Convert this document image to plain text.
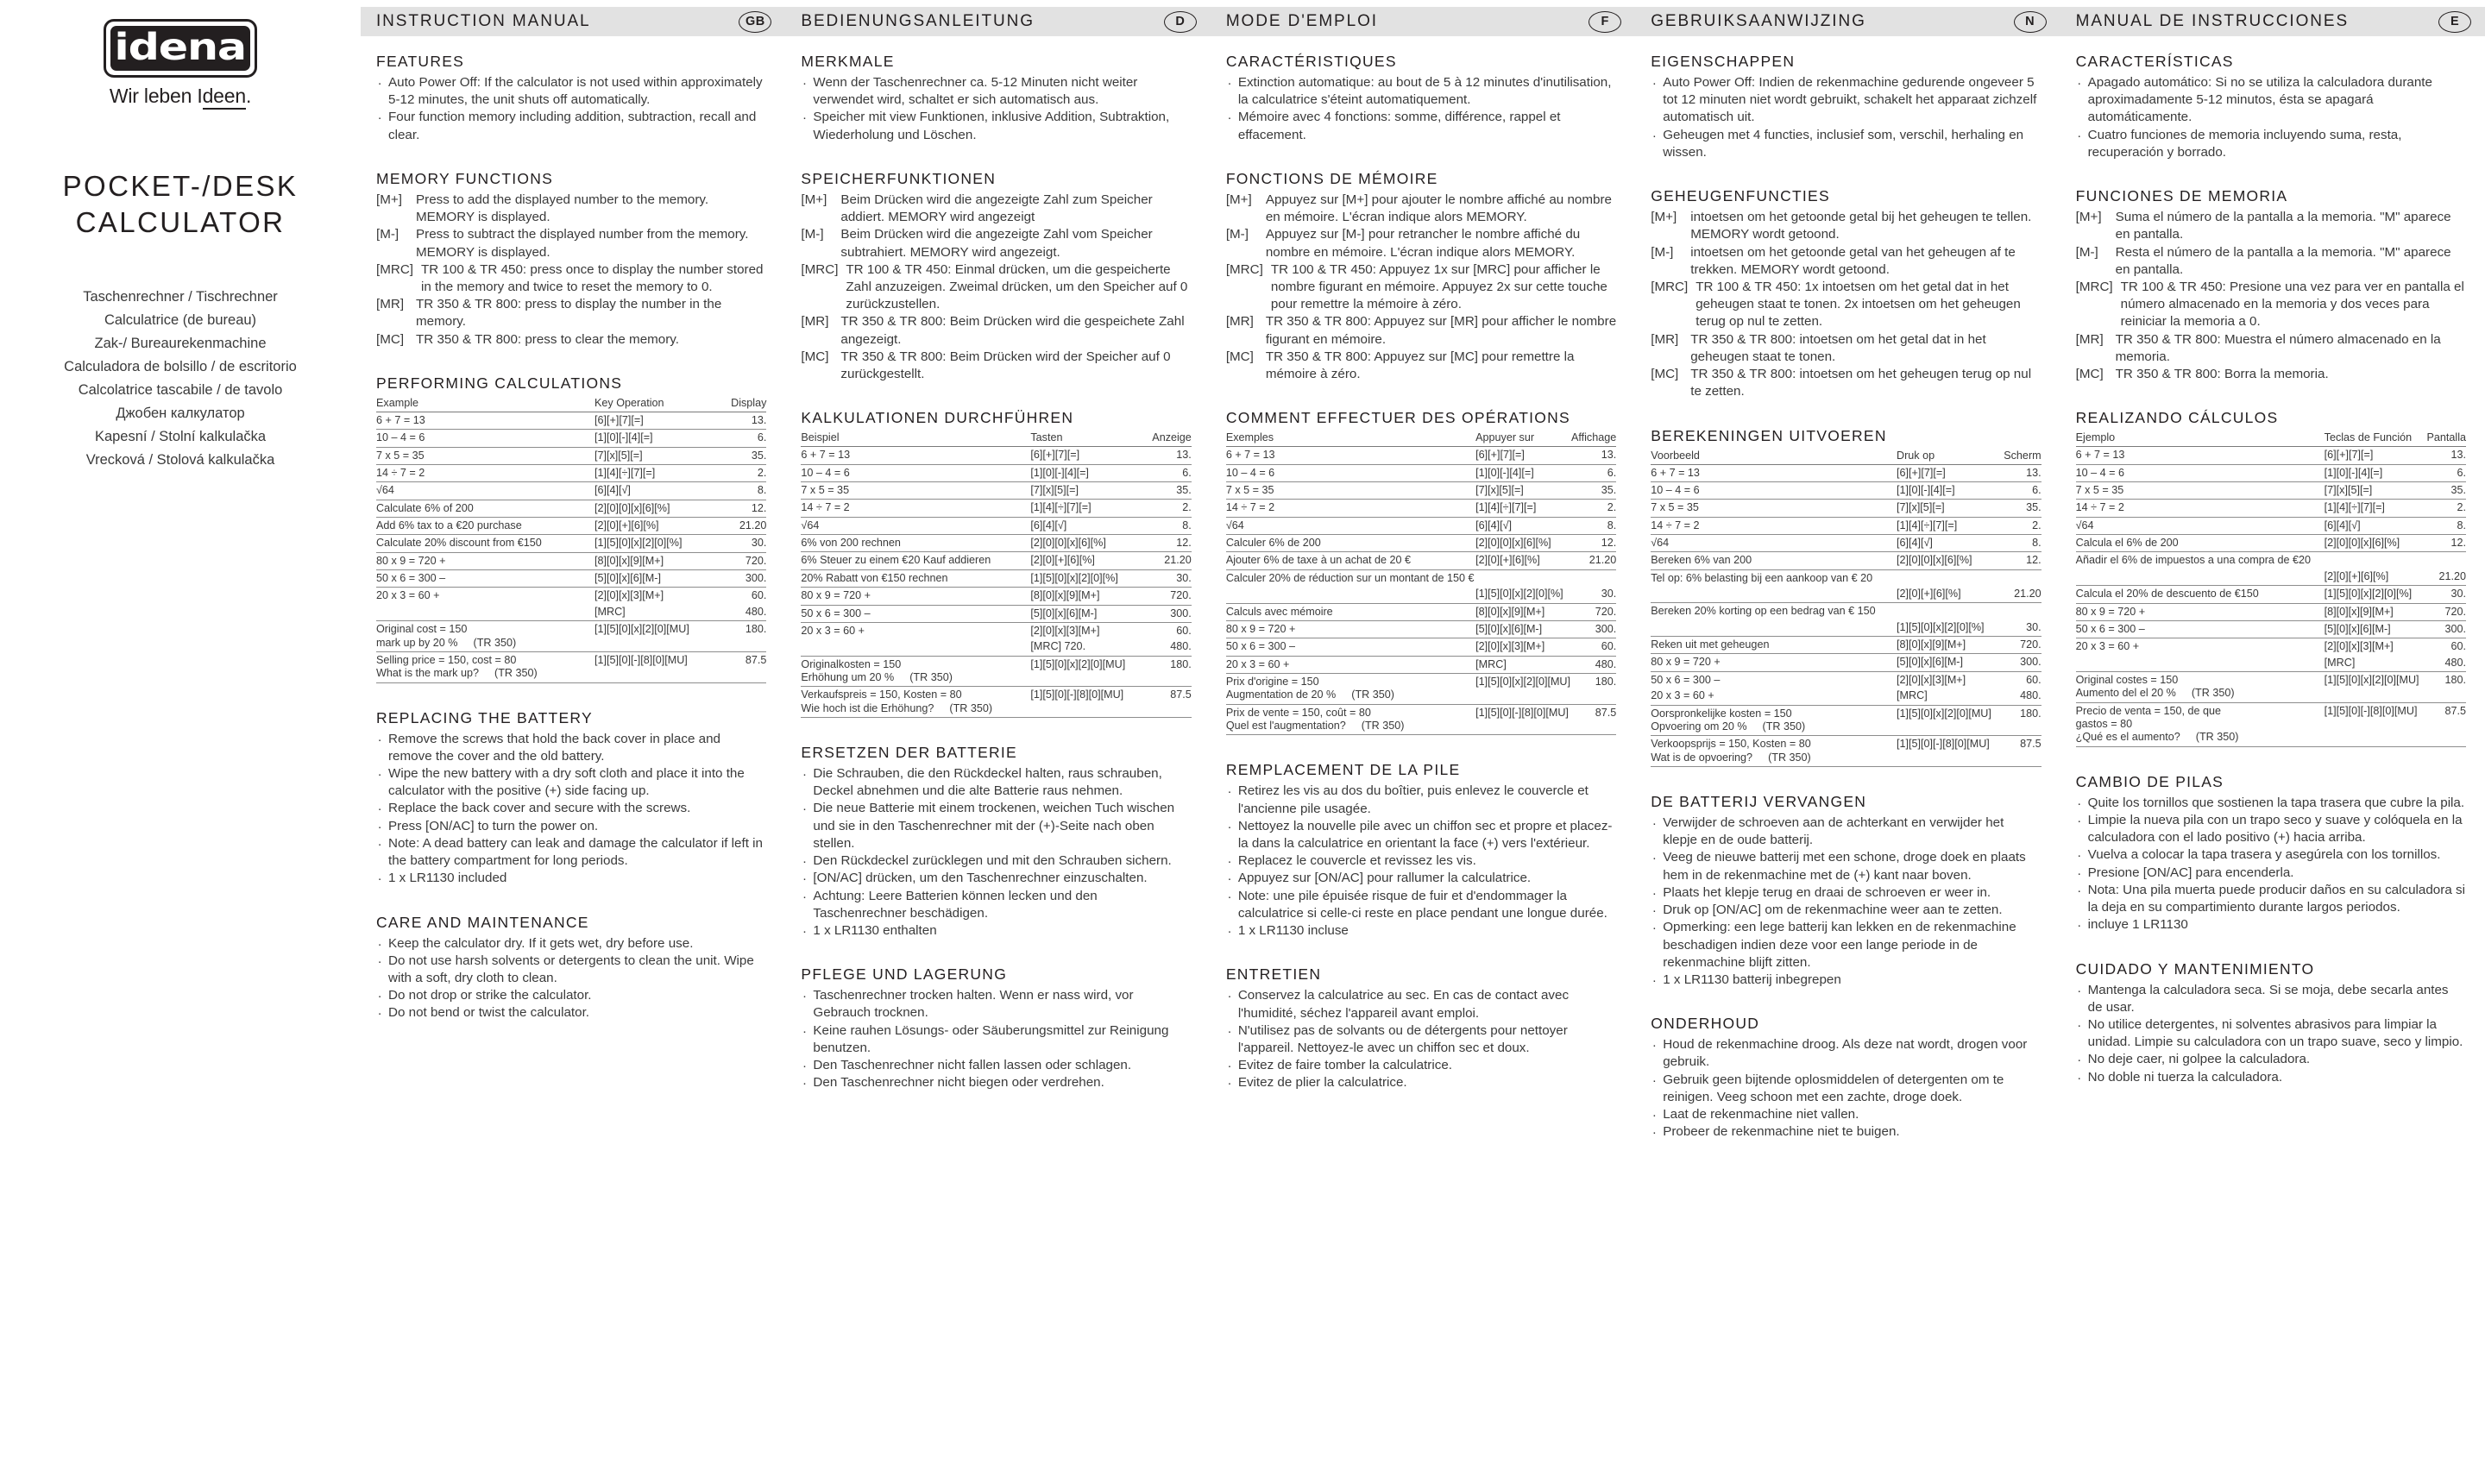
idena
Wir leben Ideen.
POCKET-/DESK
CALCULATOR
Taschenrechner / Tischrechner
Calculatrice (de bureau)
Zak-/ Bureaurekenmachine
Calculadora de bolsillo / de escritorio
Calcolatrice tascabile / de tavolo
Джобен калкулатор
Kapesní / Stolní kalkulačka
Vrecková / Stolová kalkulačka
INSTRUCTION MANUAL	GB
FEATURES
. Auto Power Off: If the calculator is not used within approximately 5-12 minutes, the unit shuts off automatically.
. Four function memory including addition, subtraction, recall and clear.
MEMORY FUNCTIONS
[M+]	Press to add the displayed number to the memory. MEMORY is displayed.
[M-]	Press to subtract the displayed number from the memory. MEMORY is displayed.
[MRC] TR 100 & TR 450: press once to display the number stored in the memory and twice to reset the memory to 0.
[MR] TR 350 & TR 800: press to display the number in the memory.
[MC] TR 350 & TR 800: press to clear the memory.
PERFORMING CALCULATIONS
Example	Key Operation	Display
6 + 7 = 13	[6][+][7][=]	13.
10 – 4 = 6	[1][0][-][4][=]	6.
7 x 5 = 35	[7][x][5][=]	35.
14 ÷ 7 = 2	[1][4][÷][7][=]	2.
√64	[6][4][√]	8.
Calculate 6% of 200	[2][0][0][x][6][%]	12.
Add 6% tax to a €20 purchase	[2][0][+][6][%]	21.20
Calculate 20% discount from €150	[1][5][0][x][2][0][%]	30.
80 x 9 = 720 +	[8][0][x][9][M+]	720.
50 x 6 = 300 –	[5][0][x][6][M-]	300.
20 x 3 = 60 +	[2][0][x][3][M+]	60.
	[MRC]	480.
Original cost = 150
mark up by 20 % (TR 350)	[1][5][0][x][2][0][MU]	180.
Selling price = 150, cost = 80
What is the mark up? (TR 350)	[1][5][0][-][8][0][MU]	87.5
REPLACING THE BATTERY
. Remove the screws that hold the back cover in place and remove the cover and the old battery.
. Wipe the new battery with a dry soft cloth and place it into the calculator with the positive (+) side facing up.
. Replace the back cover and secure with the screws.
. Press [ON/AC] to turn the power on.
. Note: A dead battery can leak and damage the calculator if left in the battery compartment for long periods.
. 1 x LR1130 included
CARE AND MAINTENANCE
. Keep the calculator dry. If it gets wet, dry before use.
. Do not use harsh solvents or detergents to clean the unit. Wipe with a soft, dry cloth to clean.
. Do not drop or strike the calculator.
. Do not bend or twist the calculator.
BEDIENUNGSANLEITUNG	D
MERKMALE
. Wenn der Taschenrechner ca. 5-12 Minuten nicht weiter verwendet wird, schaltet er sich automatisch aus.
. Speicher mit view Funktionen, inklusive Addition, Subtraktion, Wiederholung und Löschen.
SPEICHERFUNKTIONEN
[M+]	Beim Drücken wird die angezeigte Zahl zum Speicher addiert. MEMORY wird angezeigt
[M-]	Beim Drücken wird die angezeigte Zahl vom Speicher subtrahiert. MEMORY wird angezeigt.
[MRC] TR 100 & TR 450: Einmal drücken, um die gespeicherte Zahl anzuzeigen. Zweimal drücken, um den Speicher auf 0 zurückzustellen.
[MR] TR 350 & TR 800: Beim Drücken wird die gespeichete Zahl angezeigt.
[MC] TR 350 & TR 800: Beim Drücken wird der Speicher auf 0 zurückgestellt.
KALKULATIONEN DURCHFÜHREN
Beispiel	Tasten	Anzeige
6 + 7 = 13	[6][+][7][=]	13.
10 – 4 = 6	[1][0][-][4][=]	6.
7 x 5 = 35	[7][x][5][=]	35.
14 ÷ 7 = 2	[1][4][÷][7][=]	2.
√64	[6][4][√]	8.
6% von 200 rechnen	[2][0][0][x][6][%]	12.
6% Steuer zu einem €20 Kauf addieren	[2][0][+][6][%]	21.20
20% Rabatt von €150 rechnen	[1][5][0][x][2][0][%]	30.
80 x 9 = 720 +	[8][0][x][9][M+]	720.
50 x 6 = 300 –	[5][0][x][6][M-]	300.
20 x 3 = 60 +	[2][0][x][3][M+]	60.
	[MRC] 720.	480.
Originalkosten = 150
Erhöhung um 20 % (TR 350)	[1][5][0][x][2][0][MU]	180.
Verkaufspreis = 150, Kosten = 80
Wie hoch ist die Erhöhung? (TR 350)	[1][5][0][-][8][0][MU]	87.5
ERSETZEN DER BATTERIE
. Die Schrauben, die den Rückdeckel halten, raus schrauben, Deckel abnehmen und die alte Batterie raus nehmen.
. Die neue Batterie mit einem trockenen, weichen Tuch wischen und sie in den Taschenrechner mit der (+)-Seite nach oben stellen.
. Den Rückdeckel zurücklegen und mit den Schrauben sichern.
. [ON/AC] drücken, um den Taschenrechner einzuschalten.
. Achtung: Leere Batterien können lecken und den Taschenrechner beschädigen.
. 1 x LR1130 enthalten
PFLEGE UND LAGERUNG
. Taschenrechner trocken halten. Wenn er nass wird, vor Gebrauch trocknen.
. Keine rauhen Lösungs- oder Säuberungsmittel zur Reinigung benutzen.
. Den Taschenrechner nicht fallen lassen oder schlagen.
. Den Taschenrechner nicht biegen oder verdrehen.
MODE D'EMPLOI	F
CARACTÉRISTIQUES
. Extinction automatique: au bout de 5 à 12 minutes d'inutilisation, la calculatrice s'éteint automatiquement.
. Mémoire avec 4 fonctions: somme, différence, rappel et effacement.
FONCTIONS DE MÉMOIRE
[M+]	Appuyez sur [M+] pour ajouter le nombre affiché au nombre en mémoire. L'écran indique alors MEMORY.
[M-]	Appuyez sur [M-] pour retrancher le nombre affiché du nombre en mémoire. L'écran indique alors MEMORY.
[MRC] TR 100 & TR 450: Appuyez 1x sur [MRC] pour afficher le nombre figurant en mémoire. Appuyez 2x sur cette touche pour remettre la mémoire à zéro.
[MR] TR 350 & TR 800: Appuyez sur [MR] pour afficher le nombre figurant en mémoire.
[MC] TR 350 & TR 800: Appuyez sur [MC] pour remettre la mémoire à zéro.
COMMENT EFFECTUER DES OPÉRATIONS
Exemples	Appuyer sur	Affichage
6 + 7 = 13	[6][+][7][=]	13.
10 – 4 = 6	[1][0][-][4][=]	6.
7 x 5 = 35	[7][x][5][=]	35.
14 ÷ 7 = 2	[1][4][÷][7][=]	2.
√64	[6][4][√]	8.
Calculer 6% de 200	[2][0][0][x][6][%]	12.
Ajouter 6% de taxe à un achat de 20 €	[2][0][+][6][%]	21.20
Calculer 20% de réduction sur un montant de 150 €		
	[1][5][0][x][2][0][%]	30.
Calculs avec mémoire	[8][0][x][9][M+]	720.
80 x 9 = 720 +	[5][0][x][6][M-]	300.
50 x 6 = 300 –	[2][0][x][3][M+]	60.
20 x 3 = 60 +	[MRC]	480.
Prix d'origine = 150
Augmentation de 20 % (TR 350)	[1][5][0][x][2][0][MU]	180.
Prix de vente = 150, coût = 80
Quel est l'augmentation? (TR 350)	[1][5][0][-][8][0][MU]	87.5
REMPLACEMENT DE LA PILE
. Retirez les vis au dos du boîtier, puis enlevez le couvercle et l'ancienne pile usagée.
. Nettoyez la nouvelle pile avec un chiffon sec et propre et placez-la dans la calculatrice en orientant la face (+) vers l'extérieur.
. Replacez le couvercle et revissez les vis.
. Appuyez sur [ON/AC] pour rallumer la calculatrice.
. Note: une pile épuisée risque de fuir et d'endommager la calculatrice si celle-ci reste en place pendant une longue durée.
. 1 x LR1130 incluse
ENTRETIEN
. Conservez la calculatrice au sec. En cas de contact avec l'humidité, séchez l'appareil avant emploi.
. N'utilisez pas de solvants ou de détergents pour nettoyer l'appareil. Nettoyez-le avec un chiffon sec et doux.
. Evitez de faire tomber la calculatrice.
. Evitez de plier la calculatrice.
GEBRUIKSAANWIJZING	N
EIGENSCHAPPEN
. Auto Power Off: Indien de rekenmachine gedurende ongeveer 5 tot 12 minuten niet wordt gebruikt, schakelt het apparaat zichzelf automatisch uit.
. Geheugen met 4 functies, inclusief som, verschil, herhaling en wissen.
GEHEUGENFUNCTIES
[M+]	intoetsen om het getoonde getal bij het geheugen te tellen. MEMORY wordt getoond.
[M-]	intoetsen om het getoonde getal van het geheugen af te trekken. MEMORY wordt getoond.
[MRC] TR 100 & TR 450: 1x intoetsen om het getal dat in het geheugen staat te tonen. 2x intoetsen om het geheugen terug op nul te zetten.
[MR] TR 350 & TR 800: intoetsen om het getal dat in het geheugen staat te tonen.
[MC] TR 350 & TR 800: intoetsen om het geheugen terug op nul te zetten.
BEREKENINGEN UITVOEREN
Voorbeeld	Druk op	Scherm
6 + 7 = 13	[6][+][7][=]	13.
10 – 4 = 6	[1][0][-][4][=]	6.
7 x 5 = 35	[7][x][5][=]	35.
14 ÷ 7 = 2	[1][4][÷][7][=]	2.
√64	[6][4][√]	8.
Bereken 6% van 200	[2][0][0][x][6][%]	12.
Tel op: 6% belasting bij een aankoop van € 20		
	[2][0][+][6][%]	21.20
Bereken 20% korting op een bedrag van € 150		
	[1][5][0][x][2][0][%]	30.
Reken uit met geheugen	[8][0][x][9][M+]	720.
80 x 9 = 720 +	[5][0][x][6][M-]	300.
50 x 6 = 300 –	[2][0][x][3][M+]	60.
20 x 3 = 60 +	[MRC]	480.
Oorspronkelijke kosten = 150
Opvoering om 20 % (TR 350)	[1][5][0][x][2][0][MU]	180.
Verkoopsprijs = 150, Kosten = 80
Wat is de opvoering? (TR 350)	[1][5][0][-][8][0][MU]	87.5
DE BATTERIJ VERVANGEN
. Verwijder de schroeven aan de achterkant en verwijder het klepje en de oude batterij.
. Veeg de nieuwe batterij met een schone, droge doek en plaats hem in de rekenmachine met de (+) kant naar boven.
. Plaats het klepje terug en draai de schroeven er weer in.
. Druk op [ON/AC] om de rekenmachine weer aan te zetten.
. Opmerking: een lege batterij kan lekken en de rekenmachine beschadigen indien deze voor een lange periode in de rekenmachine blijft zitten.
. 1 x LR1130 batterij inbegrepen
ONDERHOUD
. Houd de rekenmachine droog. Als deze nat wordt, drogen voor gebruik.
. Gebruik geen bijtende oplosmiddelen of detergenten om te reinigen. Veeg schoon met een zachte, droge doek.
. Laat de rekenmachine niet vallen.
. Probeer de rekenmachine niet te buigen.
MANUAL DE INSTRUCCIONES	E
CARACTERÍSTICAS
. Apagado automático: Si no se utiliza la calculadora durante aproximadamente 5-12 minutos, ésta se apagará automáticamente.
. Cuatro funciones de memoria incluyendo suma, resta, recuperación y borrado.
FUNCIONES DE MEMORIA
[M+]	Suma el número de la pantalla a la memoria. "M" aparece en pantalla.
[M-]	Resta el número de la pantalla a la memoria. "M" aparece en pantalla.
[MRC] TR 100 & TR 450: Presione una vez para ver en pantalla el número almacenado en la memoria y dos veces para reiniciar la memoria a 0.
[MR] TR 350 & TR 800: Muestra el número almacenado en la memoria.
[MC] TR 350 & TR 800: Borra la memoria.
REALIZANDO CÁLCULOS
Ejemplo	Teclas de Función	Pantalla
6 + 7 = 13	[6][+][7][=]	13.
10 – 4 = 6	[1][0][-][4][=]	6.
7 x 5 = 35	[7][x][5][=]	35.
14 ÷ 7 = 2	[1][4][÷][7][=]	2.
√64	[6][4][√]	8.
Calcula el 6% de 200	[2][0][0][x][6][%]	12.
Añadir el 6% de impuestos a una compra de €20		
	[2][0][+][6][%]	21.20
Calcula el 20% de descuento de €150	[1][5][0][x][2][0][%]	30.
80 x 9 = 720 +	[8][0][x][9][M+]	720.
50 x 6 = 300 –	[5][0][x][6][M-]	300.
20 x 3 = 60 +	[2][0][x][3][M+]	60.
	[MRC]	480.
Original costes = 150
Aumento del el 20 % (TR 350)	[1][5][0][x][2][0][MU]	180.
Precio de venta = 150, de que
gastos = 80
¿Qué es el aumento? (TR 350)	[1][5][0][-][8][0][MU]	87.5
CAMBIO DE PILAS
. Quite los tornillos que sostienen la tapa trasera que cubre la pila.
. Limpie la nueva pila con un trapo seco y suave y colóquela en la calculadora con el lado positivo (+) hacia arriba.
. Vuelva a colocar la tapa trasera y asegúrela con los tornillos.
. Presione [ON/AC] para encenderla.
. Nota: Una pila muerta puede producir daños en su calculadora si la deja en su compartimiento durante largos periodos.
. incluye 1 LR1130
CUIDADO Y MANTENIMIENTO
. Mantenga la calculadora seca. Si se moja, debe secarla antes de usar.
. No utilice detergentes, ni solventes abrasivos para limpiar la unidad. Limpie su calculadora con un trapo suave, seco y limpio.
. No deje caer, ni golpee la calculadora.
. No doble ni tuerza la calculadora.
